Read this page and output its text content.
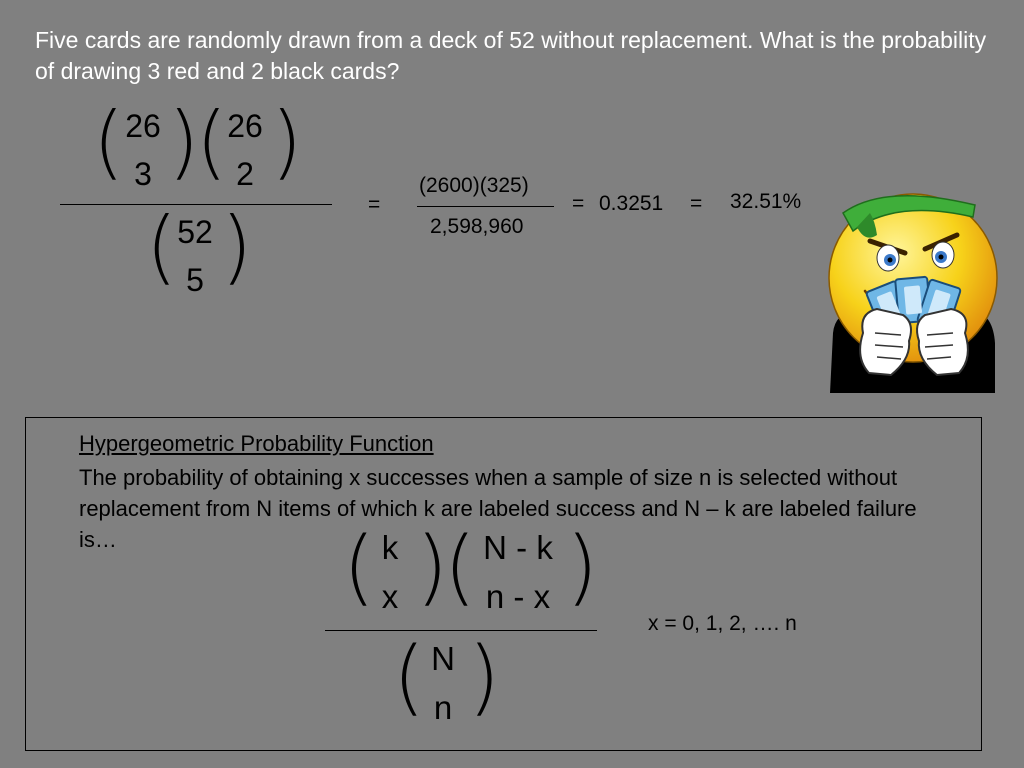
Five cards are randomly drawn from a deck of 52 without replacement. What is the probability of drawing 3 red and 2 black cards?
( 26
3 )
( 26
2 )
( 52
5 )	=
(2600)(325)
2,598,960
= 0.3251 = 32.51%
Hypergeometric Probability Function
The probability of obtaining x successes when a sample of size n is selected without replacement from N items of which k are labeled success and N – k are labeled failure is…	( k
x )
( N - k
n - x )
( N
n )
x = 0, 1, 2, …. n
